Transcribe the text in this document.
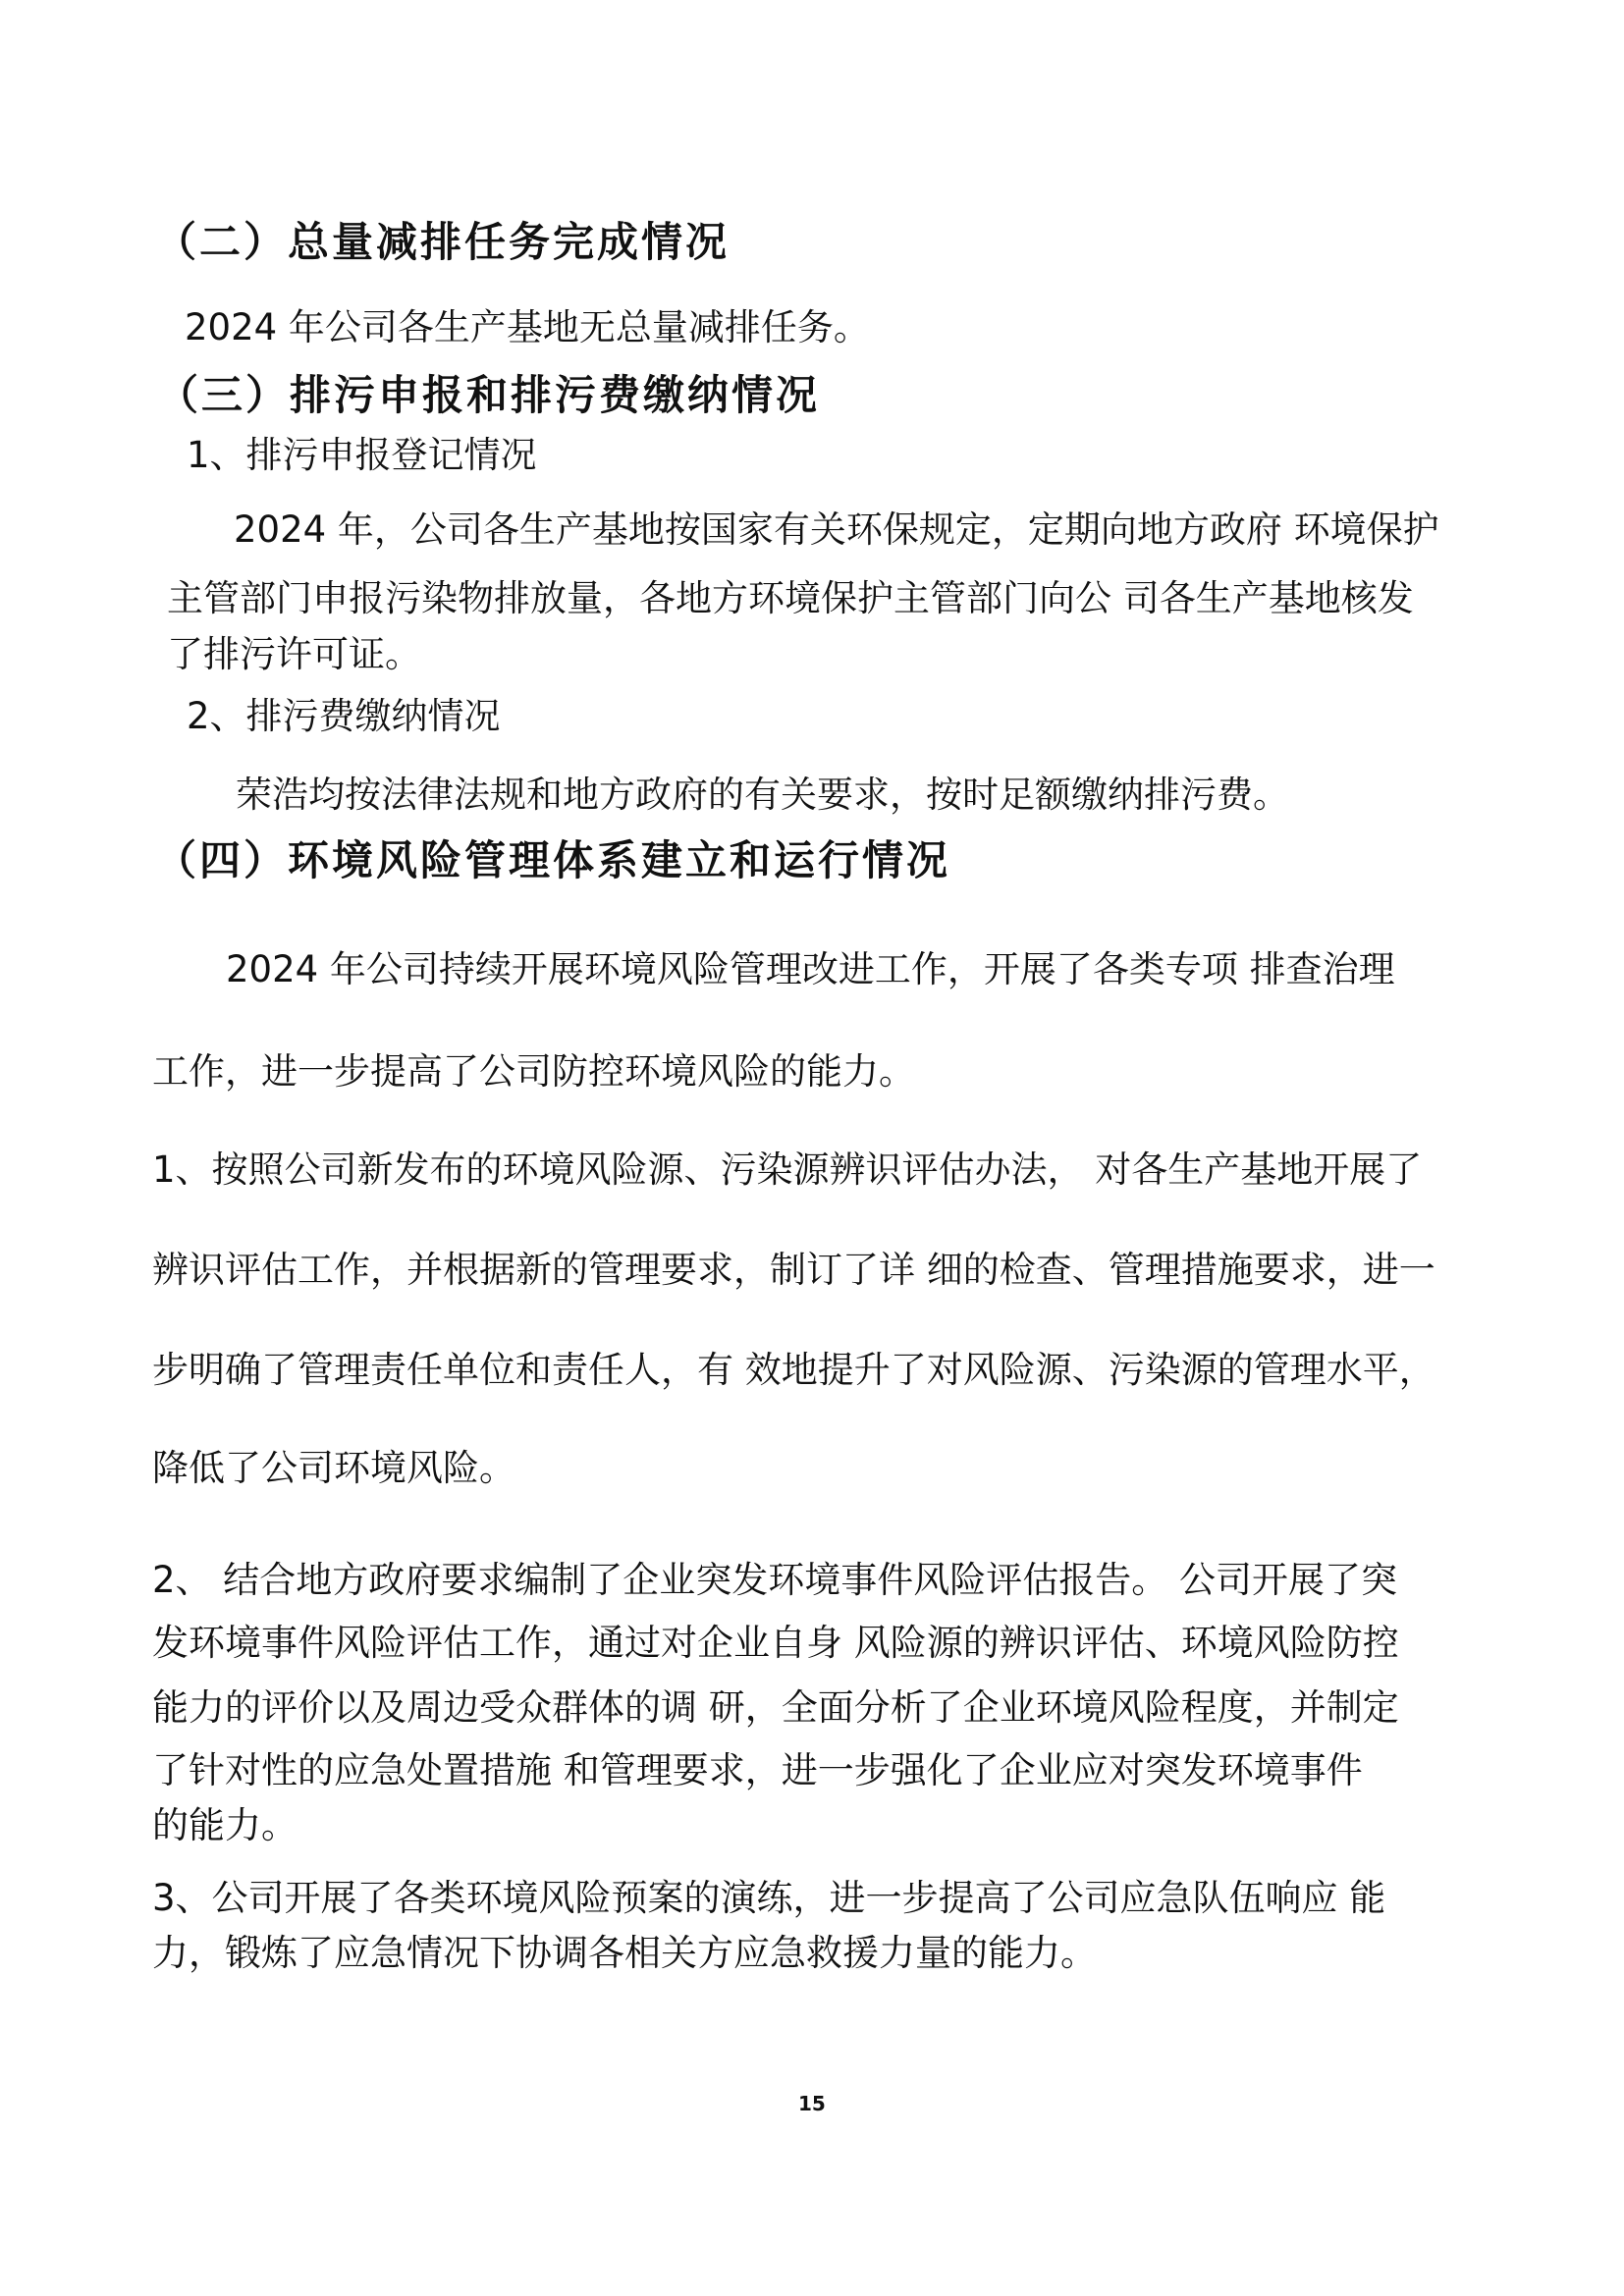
（二）总量减排任务完成情况
2024 年公司各生产基地无总量减排任务。
（三）排污申报和排污费缴纳情况
1、排污申报登记情况
2024 年，公司各生产基地按国家有关环保规定，定期向地方政府 环境保护
主管部门申报污染物排放量，各地方环境保护主管部门向公 司各生产基地核发
了排污许可证。
2、排污费缴纳情况
荣浩均按法律法规和地方政府的有关要求，按时足额缴纳排污费。
（四）环境风险管理体系建立和运行情况
2024 年公司持续开展环境风险管理改进工作，开展了各类专项 排查治理
工作，进一步提高了公司防控环境风险的能力。
1、按照公司新发布的环境风险源、污染源辨识评估办法， 对各生产基地开展了
辨识评估工作，并根据新的管理要求，制订了详 细的检查、管理措施要求，进一
步明确了管理责任单位和责任人，有 效地提升了对风险源、污染源的管理水平，
降低了公司环境风险。
2、 结合地方政府要求编制了企业突发环境事件风险评估报告。 公司开展了突
发环境事件风险评估工作，通过对企业自身 风险源的辨识评估、环境风险防控
能力的评价以及周边受众群体的调 研，全面分析了企业环境风险程度，并制定
了针对性的应急处置措施 和管理要求，进一步强化了企业应对突发环境事件
的能力。
3、公司开展了各类环境风险预案的演练，进一步提高了公司应急队伍响应 能
力，锻炼了应急情况下协调各相关方应急救援力量的能力。
15
